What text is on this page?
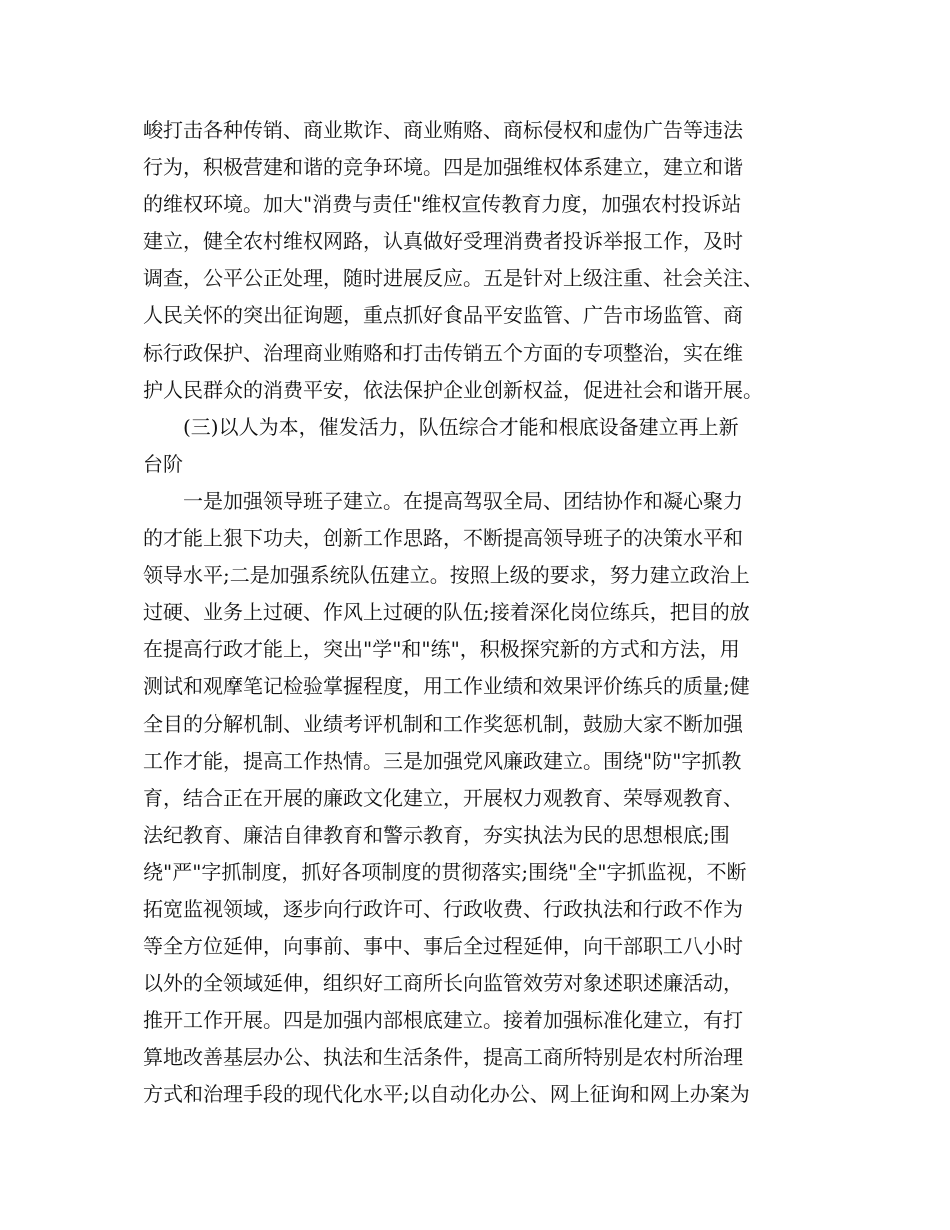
峻打击各种传销、商业欺诈、商业贿赂、商标侵权和虚伪广告等违法
行为，积极营建和谐的竞争环境。四是加强维权体系建立，建立和谐
的维权环境。加大"消费与责任"维权宣传教育力度，加强农村投诉站
建立，健全农村维权网路，认真做好受理消费者投诉举报工作，及时
调查，公平公正处理，随时进展反应。五是针对上级注重、社会关注、
人民关怀的突出征询题，重点抓好食品平安监管、广告市场监管、商
标行政保护、治理商业贿赂和打击传销五个方面的专项整治，实在维
护人民群众的消费平安，依法保护企业创新权益，促进社会和谐开展。
(三)以人为本，催发活力，队伍综合才能和根底设备建立再上新
台阶
一是加强领导班子建立。在提高驾驭全局、团结协作和凝心聚力
的才能上狠下功夫，创新工作思路，不断提高领导班子的决策水平和
领导水平;二是加强系统队伍建立。按照上级的要求，努力建立政治上
过硬、业务上过硬、作风上过硬的队伍;接着深化岗位练兵，把目的放
在提高行政才能上，突出"学"和"练"，积极探究新的方式和方法，用
测试和观摩笔记检验掌握程度，用工作业绩和效果评价练兵的质量;健
全目的分解机制、业绩考评机制和工作奖惩机制，鼓励大家不断加强
工作才能，提高工作热情。三是加强党风廉政建立。围绕"防"字抓教
育，结合正在开展的廉政文化建立，开展权力观教育、荣辱观教育、
法纪教育、廉洁自律教育和警示教育，夯实执法为民的思想根底;围
绕"严"字抓制度，抓好各项制度的贯彻落实;围绕"全"字抓监视，不断
拓宽监视领域，逐步向行政许可、行政收费、行政执法和行政不作为
等全方位延伸，向事前、事中、事后全过程延伸，向干部职工八小时
以外的全领域延伸，组织好工商所长向监管效劳对象述职述廉活动，
推开工作开展。四是加强内部根底建立。接着加强标准化建立，有打
算地改善基层办公、执法和生活条件，提高工商所特别是农村所治理
方式和治理手段的现代化水平;以自动化办公、网上征询和网上办案为
